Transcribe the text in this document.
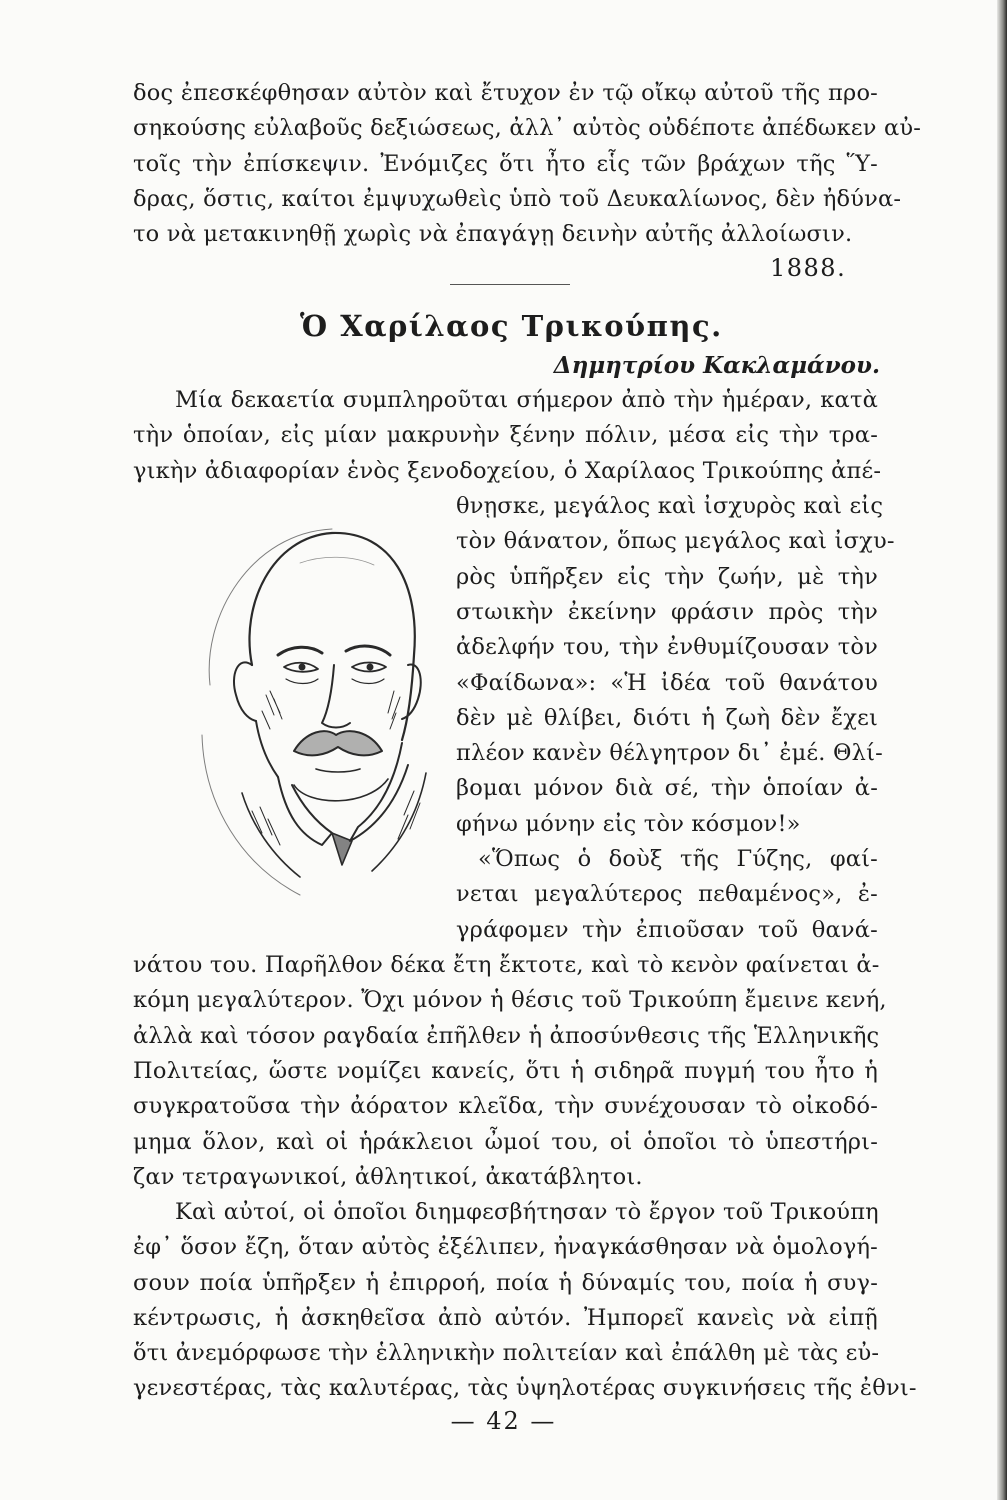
δος ἐπεσκέφθησαν αὐτὸν καὶ ἔτυχον ἐν τῷ οἴκῳ αὐτοῦ τῆς προ-
σηκούσης εὐλαβοῦς δεξιώσεως, ἀλλ᾽ αὐτὸς οὐδέποτε ἀπέδωκεν αὐ-
τοῖς τὴν ἐπίσκεψιν. Ἐνόμιζες ὅτι ἦτο εἷς τῶν βράχων τῆς Ὕ-
δρας, ὅστις, καίτοι ἐμψυχωθεὶς ὑπὸ τοῦ Δευκαλίωνος, δὲν ἠδύνα-
το νὰ μετακινηθῇ χωρὶς νὰ ἐπαγάγῃ δεινὴν αὐτῆς ἀλλοίωσιν.
1888.
Ὁ Χαρίλαος Τρικούπης.
Δημητρίου Καкλαμάνου.
Μία δεκαετία συμπληροῦται σήμερον ἀπὸ τὴν ἡμέραν, κατὰ
τὴν ὁποίαν, εἰς μίαν μακρυνὴν ξένην πόλιν, μέσα εἰς τὴν τρα-
γικὴν ἀδιαφορίαν ἑνὸς ξενοδοχείου, ὁ Χαρίλαος Τρικούπης ἀπέ-
θνῃσκε, μεγάλος καὶ ἰσχυρὸς καὶ εἰς
τὸν θάνατον, ὅπως μεγάλος καὶ ἰσχυ-
ρὸς ὑπῆρξεν εἰς τὴν ζωήν, μὲ τὴν
στωικὴν ἐκείνην φράσιν πρὸς τὴν
ἀδελφήν του, τὴν ἐνθυμίζουσαν τὸν
«Φαίδωνα»: «Ἡ ἰδέα τοῦ θανάτου
δὲν μὲ θλίβει, διότι ἡ ζωὴ δὲν ἔχει
πλέον κανὲν θέλγητρον δι᾽ ἐμέ. Θλί-
βομαι μόνον διὰ σέ, τὴν ὁποίαν ἀ-
φήνω μόνην εἰς τὸν κόσμον!»
«Ὅπως ὁ δοὺξ τῆς Γύζης, φαί-
νεται μεγαλύτερος πεθαμένος», ἐ-
γράφομεν τὴν ἐπιοῦσαν τοῦ θανά-
νάτου του. Παρῆλθον δέκα ἔτη ἔκτοτε, καὶ τὸ κενὸν φαίνεται ἀ-
κόμη μεγαλύτερον. Ὄχι μόνον ἡ θέσις τοῦ Τρικούπη ἔμεινε κενή,
ἀλλὰ καὶ τόσον ραγδαία ἐπῆλθεν ἡ ἀποσύνθεσις τῆς Ἑλληνικῆς
Πολιτείας, ὥστε νομίζει κανείς, ὅτι ἡ σιδηρᾶ πυγμή του ἦτο ἡ
συγκρατοῦσα τὴν ἀόρατον κλεῖδα, τὴν συνέχουσαν τὸ οἰκοδό-
μημα ὅλον, καὶ οἱ ἡράκλειοι ὦμοί του, οἱ ὁποῖοι τὸ ὑπεστήρι-
ζαν τετραγωνικοί, ἀθλητικοί, ἀκατάβλητοι.
Καὶ αὐτοί, οἱ ὁποῖοι διημφεσβήτησαν τὸ ἔργον τοῦ Τρικούπη
ἐφ᾽ ὅσον ἔζη, ὅταν αὐτὸς ἐξέλιπεν, ἠναγκάσθησαν νὰ ὁμολογή-
σουν ποία ὑπῆρξεν ἡ ἐπιρροή, ποία ἡ δύναμίς του, ποία ἡ συγ-
κέντρωσις, ἡ ἀσκηθεῖσα ἀπὸ αὐτόν. Ἠμπορεῖ κανεὶς νὰ εἰπῇ
ὅτι ἀνεμόρφωσε τὴν ἑλληνικὴν πολιτείαν καὶ ἐπάλθη μὲ τὰς εὐ-
γενεστέρας, τὰς καλυτέρας, τὰς ὑψηλοτέρας συγκινήσεις τῆς ἐθνι-
— 42 —
